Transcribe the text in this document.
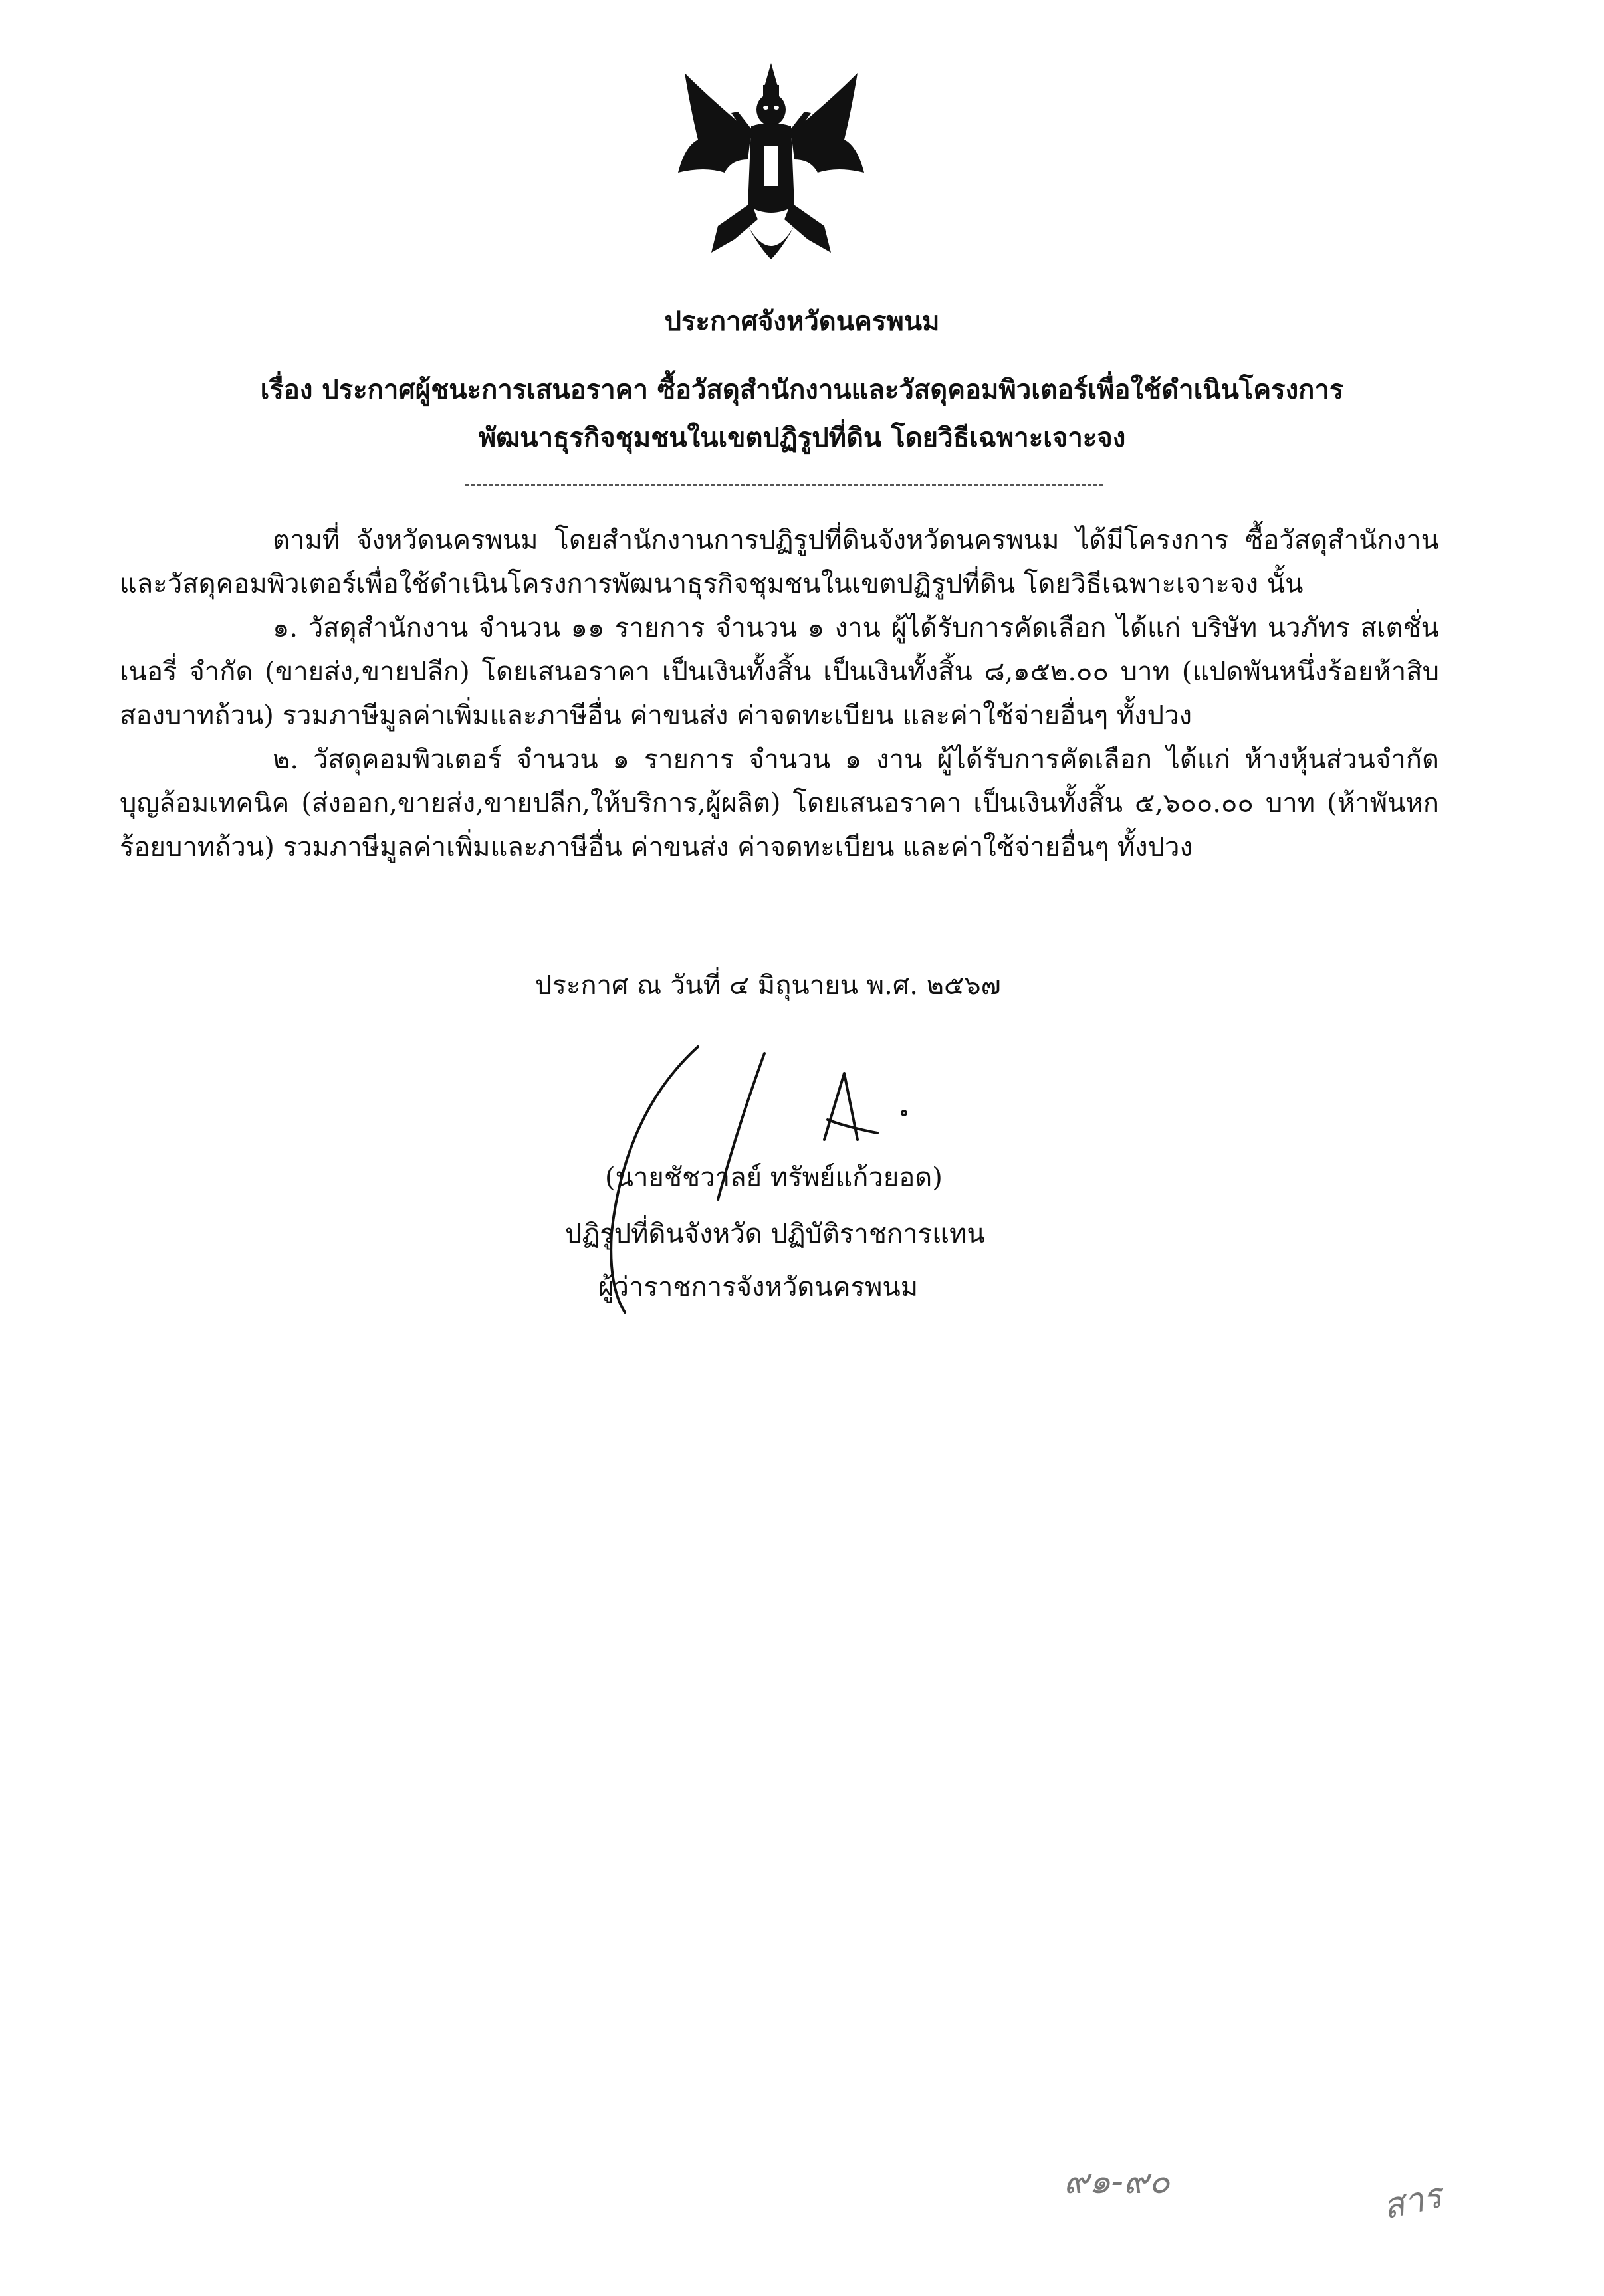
ประกาศจังหวัดนครพนม
เรื่อง ประกาศผู้ชนะการเสนอราคา ซื้อวัสดุสำนักงานและวัสดุคอมพิวเตอร์เพื่อใช้ดำเนินโครงการ
พัฒนาธุรกิจชุมชนในเขตปฏิรูปที่ดิน โดยวิธีเฉพาะเจาะจง

ตามที่ จังหวัดนครพนม โดยสำนักงานการปฏิรูปที่ดินจังหวัดนครพนม ได้มีโครงการ ซื้อวัสดุสำนักงานและวัสดุคอมพิวเตอร์เพื่อใช้ดำเนินโครงการพัฒนาธุรกิจชุมชนในเขตปฏิรูปที่ดิน โดยวิธีเฉพาะเจาะจง นั้น

๑. วัสดุสำนักงาน จำนวน ๑๑ รายการ จำนวน ๑ งาน ผู้ได้รับการคัดเลือก ได้แก่ บริษัท นวภัทร สเตชั่นเนอรี่ จำกัด (ขายส่ง,ขายปลีก) โดยเสนอราคา เป็นเงินทั้งสิ้น เป็นเงินทั้งสิ้น ๘,๑๕๒.๐๐ บาท (แปดพันหนึ่งร้อยห้าสิบสองบาทถ้วน) รวมภาษีมูลค่าเพิ่มและภาษีอื่น ค่าขนส่ง ค่าจดทะเบียน และค่าใช้จ่ายอื่นๆ ทั้งปวง

๒. วัสดุคอมพิวเตอร์ จำนวน ๑ รายการ จำนวน ๑ งาน ผู้ได้รับการคัดเลือก ได้แก่ ห้างหุ้นส่วนจำกัด บุญล้อมเทคนิค (ส่งออก,ขายส่ง,ขายปลีก,ให้บริการ,ผู้ผลิต) โดยเสนอราคา เป็นเงินทั้งสิ้น ๕,๖๐๐.๐๐ บาท (ห้าพันหกร้อยบาทถ้วน) รวมภาษีมูลค่าเพิ่มและภาษีอื่น ค่าขนส่ง ค่าจดทะเบียน และค่าใช้จ่ายอื่นๆ ทั้งปวง

ประกาศ ณ วันที่ ๔ มิถุนายน พ.ศ. ๒๕๖๗
(นายชัชวาลย์ ทรัพย์แก้วยอด)
ปฏิรูปที่ดินจังหวัด ปฏิบัติราชการแทน
ผู้ว่าราชการจังหวัดนครพนม
๙๑-๙๐	สาร
